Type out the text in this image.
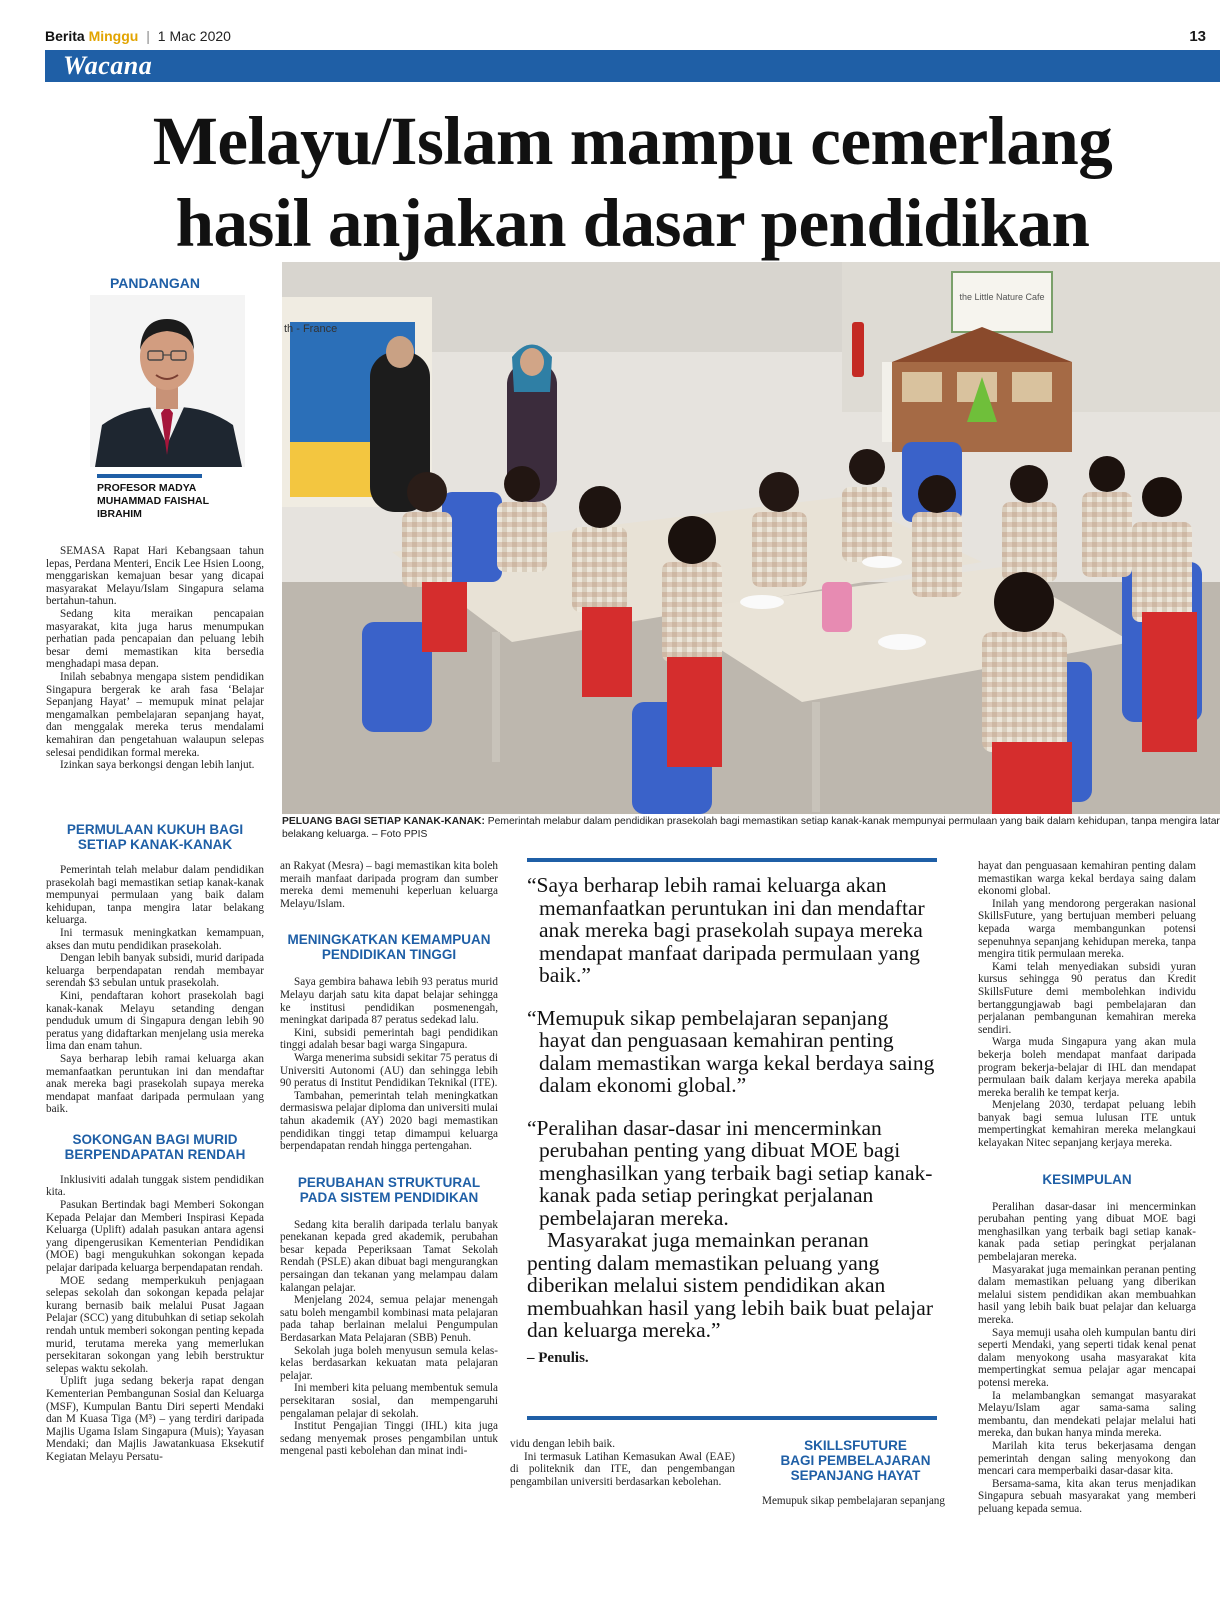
Berita Minggu | 1 Mac 2020	13
Wacana
Melayu/Islam mampu cemerlang
hasil anjakan dasar pendidikan
PANDANGAN
PROFESOR MADYA
MUHAMMAD FAISHAL
IBRAHIM

SEMASA Rapat Hari Kebangsaan tahun lepas, Perdana Menteri, Encik Lee Hsien Loong, menggariskan kemajuan besar yang dicapai masyarakat Melayu/Islam Singapura selama bertahun-tahun.

Sedang kita meraikan pencapaian masyarakat, kita juga harus menumpukan perhatian pada pencapaian dan peluang lebih besar demi memastikan kita bersedia menghadapi masa depan.

Inilah sebabnya mengapa sistem pendidikan Singapura bergerak ke arah fasa ‘Belajar Sepanjang Hayat’ – memupuk minat pelajar mengamalkan pembelajaran sepanjang hayat, dan menggalak mereka terus mendalami kemahiran dan pengetahuan walaupun selepas selesai pendidikan formal mereka.

Izinkan saya berkongsi dengan lebih lanjut.

PERMULAAN KUKUH BAGI
SETIAP KANAK-KANAK

Pemerintah telah melabur dalam pendidikan prasekolah bagi memastikan setiap kanak-kanak mempunyai permulaan yang baik dalam kehidupan, tanpa mengira latar belakang keluarga.

Ini termasuk meningkatkan kemampuan, akses dan mutu pendidikan prasekolah.

Dengan lebih banyak subsidi, murid daripada keluarga berpendapatan rendah membayar serendah $3 sebulan untuk prasekolah.

Kini, pendaftaran kohort prasekolah bagi kanak-kanak Melayu setanding dengan penduduk umum di Singapura dengan lebih 90 peratus yang didaftarkan menjelang usia mereka lima dan enam tahun.

Saya berharap lebih ramai keluarga akan memanfaatkan peruntukan ini dan mendaftar anak mereka bagi prasekolah supaya mereka mendapat manfaat daripada permulaan yang baik.

SOKONGAN BAGI MURID
BERPENDAPATAN RENDAH

Inklusiviti adalah tunggak sistem pendidikan kita.

Pasukan Bertindak bagi Memberi Sokongan Kepada Pelajar dan Memberi Inspirasi Kepada Keluarga (Uplift) adalah pasukan antara agensi yang dipengerusikan Kementerian Pendidikan (MOE) bagi mengukuhkan sokongan kepada pelajar daripada keluarga berpendapatan rendah.

MOE sedang memperkukuh penjagaan selepas sekolah dan sokongan kepada pelajar kurang bernasib baik melalui Pusat Jagaan Pelajar (SCC) yang ditubuhkan di setiap sekolah rendah untuk memberi sokongan penting kepada murid, terutama mereka yang memerlukan persekitaran sokongan yang lebih berstruktur selepas waktu sekolah.

Uplift juga sedang bekerja rapat dengan Kementerian Pembangunan Sosial dan Keluarga (MSF), Kumpulan Bantu Diri seperti Mendaki dan M Kuasa Tiga (M³) – yang terdiri daripada Majlis Ugama Islam Singapura (Muis); Yayasan Mendaki; dan Majlis Jawatankuasa Eksekutif Kegiatan Melayu Persatu-

th - France
the Little Nature Cafe
PELUANG BAGI SETIAP KANAK-KANAK: Pemerintah melabur dalam pendidikan prasekolah bagi memastikan setiap kanak-kanak mempunyai permulaan yang baik dalam kehidupan, tanpa mengira latar belakang keluarga. – Foto PPIS

an Rakyat (Mesra) – bagi memastikan kita boleh meraih manfaat daripada program dan sumber mereka demi memenuhi keperluan keluarga Melayu/Islam.

MENINGKATKAN KEMAMPUAN
PENDIDIKAN TINGGI

Saya gembira bahawa lebih 93 peratus murid Melayu darjah satu kita dapat belajar sehingga ke institusi pendidikan posmenengah, meningkat daripada 87 peratus sedekad lalu.

Kini, subsidi pemerintah bagi pendidikan tinggi adalah besar bagi warga Singapura.

Warga menerima subsidi sekitar 75 peratus di Universiti Autonomi (AU) dan sehingga lebih 90 peratus di Institut Pendidikan Teknikal (ITE).

Tambahan, pemerintah telah meningkatkan dermasiswa pelajar diploma dan universiti mulai tahun akademik (AY) 2020 bagi memastikan pendidikan tinggi tetap dimampui keluarga berpendapatan rendah hingga pertengahan.

PERUBAHAN STRUKTURAL
PADA SISTEM PENDIDIKAN

Sedang kita beralih daripada terlalu banyak penekanan kepada gred akademik, perubahan besar kepada Peperiksaan Tamat Sekolah Rendah (PSLE) akan dibuat bagi mengurangkan persaingan dan tekanan yang melampau dalam kalangan pelajar.

Menjelang 2024, semua pelajar menengah satu boleh mengambil kombinasi mata pelajaran pada tahap berlainan melalui Pengumpulan Berdasarkan Mata Pelajaran (SBB) Penuh.

Sekolah juga boleh menyusun semula kelas-kelas berdasarkan kekuatan mata pelajaran pelajar.

Ini memberi kita peluang membentuk semula persekitaran sosial, dan mempengaruhi pengalaman pelajar di sekolah.

Institut Pengajian Tinggi (IHL) kita juga sedang menyemak proses pengambilan untuk mengenal pasti kebolehan dan minat indi-

“Saya berharap lebih ramai keluarga akan memanfaatkan peruntukan ini dan mendaftar anak mereka bagi prasekolah supaya mereka mendapat manfaat daripada permulaan yang baik.”

“Memupuk sikap pembelajaran sepanjang hayat dan penguasaan kemahiran penting dalam memastikan warga kekal berdaya saing dalam ekonomi global.”

“Peralihan dasar-dasar ini mencerminkan perubahan penting yang dibuat MOE bagi menghasilkan yang terbaik bagi setiap kanak-kanak pada setiap peringkat perjalanan pembelajaran mereka.

Masyarakat juga memainkan peranan penting dalam memastikan peluang yang diberikan melalui sistem pendidikan akan membuahkan hasil yang lebih baik buat pelajar dan keluarga mereka.”

– Penulis.

vidu dengan lebih baik.

Ini termasuk Latihan Kemasukan Awal (EAE) di politeknik dan ITE, dan pengembangan pengambilan universiti berdasarkan kebolehan.

SKILLSFUTURE
BAGI PEMBELAJARAN
SEPANJANG HAYAT

Memupuk sikap pembelajaran sepanjang

hayat dan penguasaan kemahiran penting dalam memastikan warga kekal berdaya saing dalam ekonomi global.

Inilah yang mendorong pergerakan nasional SkillsFuture, yang bertujuan memberi peluang kepada warga membangunkan potensi sepenuhnya sepanjang kehidupan mereka, tanpa mengira titik permulaan mereka.

Kami telah menyediakan subsidi yuran kursus sehingga 90 peratus dan Kredit SkillsFuture demi membolehkan individu bertanggungjawab bagi pembelajaran dan perjalanan pembangunan kemahiran mereka sendiri.

Warga muda Singapura yang akan mula bekerja boleh mendapat manfaat daripada program bekerja-belajar di IHL dan mendapat permulaan baik dalam kerjaya mereka apabila mereka beralih ke tempat kerja.

Menjelang 2030, terdapat peluang lebih banyak bagi semua lulusan ITE untuk mempertingkat kemahiran mereka melangkaui kelayakan Nitec sepanjang kerjaya mereka.

KESIMPULAN

Peralihan dasar-dasar ini mencerminkan perubahan penting yang dibuat MOE bagi menghasilkan yang terbaik bagi setiap kanak-kanak pada setiap peringkat perjalanan pembelajaran mereka.

Masyarakat juga memainkan peranan penting dalam memastikan peluang yang diberikan melalui sistem pendidikan akan membuahkan hasil yang lebih baik buat pelajar dan keluarga mereka.

Saya memuji usaha oleh kumpulan bantu diri seperti Mendaki, yang seperti tidak kenal penat dalam menyokong usaha masyarakat kita mempertingkat semua pelajar agar mencapai potensi mereka.

Ia melambangkan semangat masyarakat Melayu/Islam agar sama-sama saling membantu, dan mendekati pelajar melalui hati mereka, dan bukan hanya minda mereka.

Marilah kita terus bekerjasama dengan pemerintah dengan saling menyokong dan mencari cara memperbaiki dasar-dasar kita.

Bersama-sama, kita akan terus menjadikan Singapura sebuah masyarakat yang memberi peluang kepada semua.
